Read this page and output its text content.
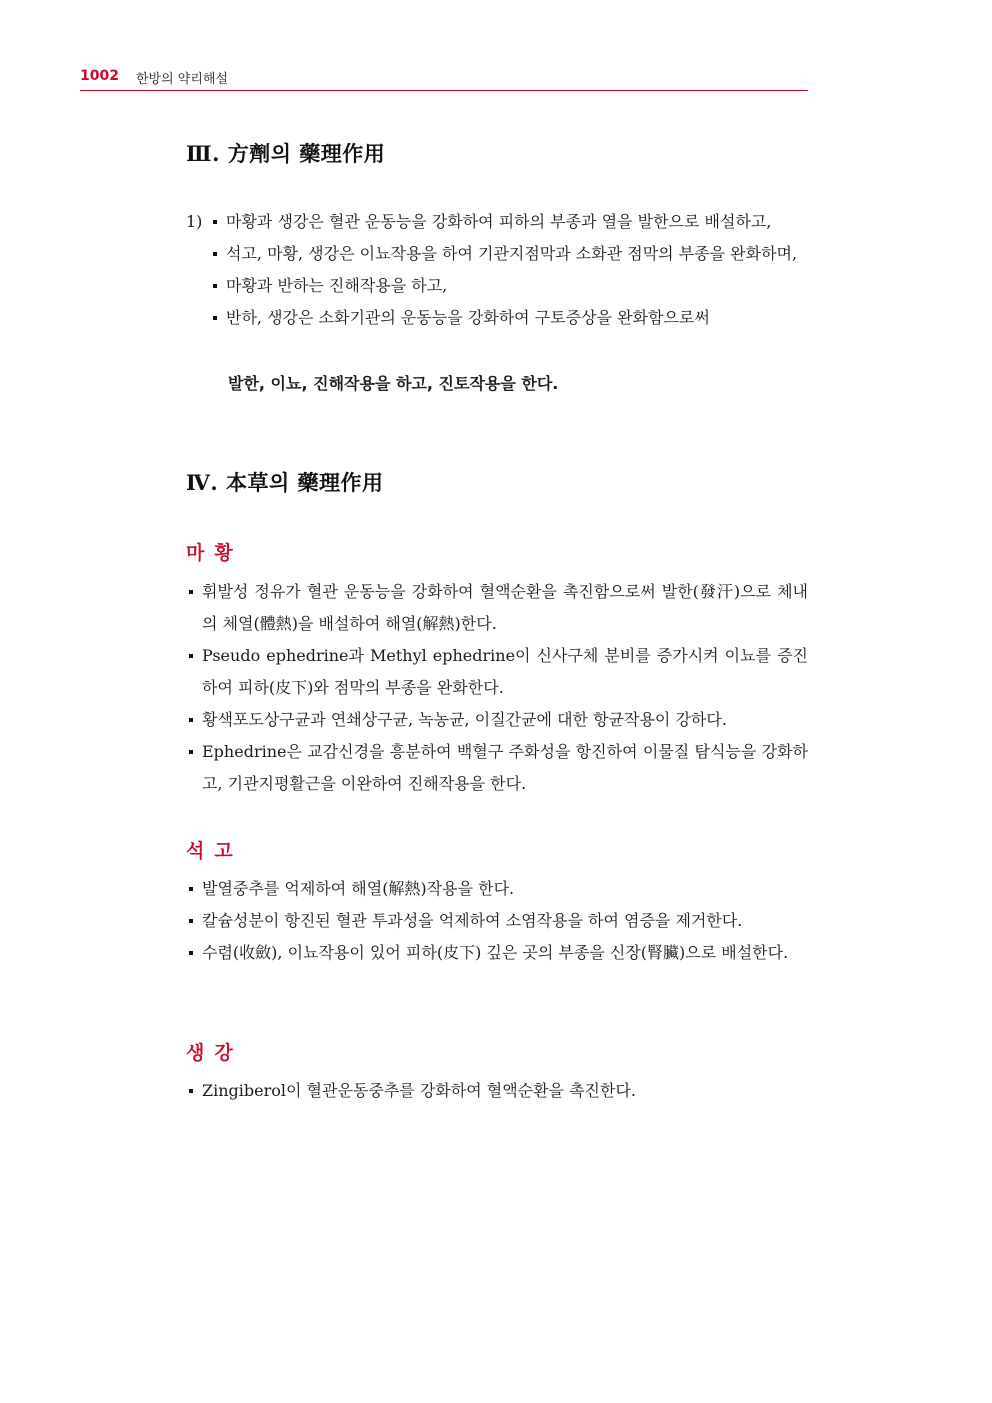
1002 한방의 약리해설
Ⅲ. 方劑의 藥理作用
1) 마황과 생강은 혈관 운동능을 강화하여 피하의 부종과 열을 발한으로 배설하고,
석고, 마황, 생강은 이뇨작용을 하여 기관지점막과 소화관 점막의 부종을 완화하며,
마황과 반하는 진해작용을 하고,
반하, 생강은 소화기관의 운동능을 강화하여 구토증상을 완화함으로써
발한, 이뇨, 진해작용을 하고, 진토작용을 한다.
Ⅳ. 本草의 藥理作用
마황
휘발성 정유가 혈관 운동능을 강화하여 혈액순환을 촉진함으로써 발한(發汗)으로 체내의 체열(體熱)을 배설하여 해열(解熱)한다.
Pseudo ephedrine과 Methyl ephedrine이 신사구체 분비를 증가시켜 이뇨를 증진하여 피하(皮下)와 점막의 부종을 완화한다.
황색포도상구균과 연쇄상구균, 녹농균, 이질간균에 대한 항균작용이 강하다.
Ephedrine은 교감신경을 흥분하여 백혈구 주화성을 항진하여 이물질 탐식능을 강화하고, 기관지평활근을 이완하여 진해작용을 한다.
석고
발열중추를 억제하여 해열(解熱)작용을 한다.
칼슘성분이 항진된 혈관 투과성을 억제하여 소염작용을 하여 염증을 제거한다.
수렴(收斂), 이뇨작용이 있어 피하(皮下) 깊은 곳의 부종을 신장(腎臟)으로 배설한다.
생강
Zingiberol이 혈관운동중추를 강화하여 혈액순환을 촉진한다.
